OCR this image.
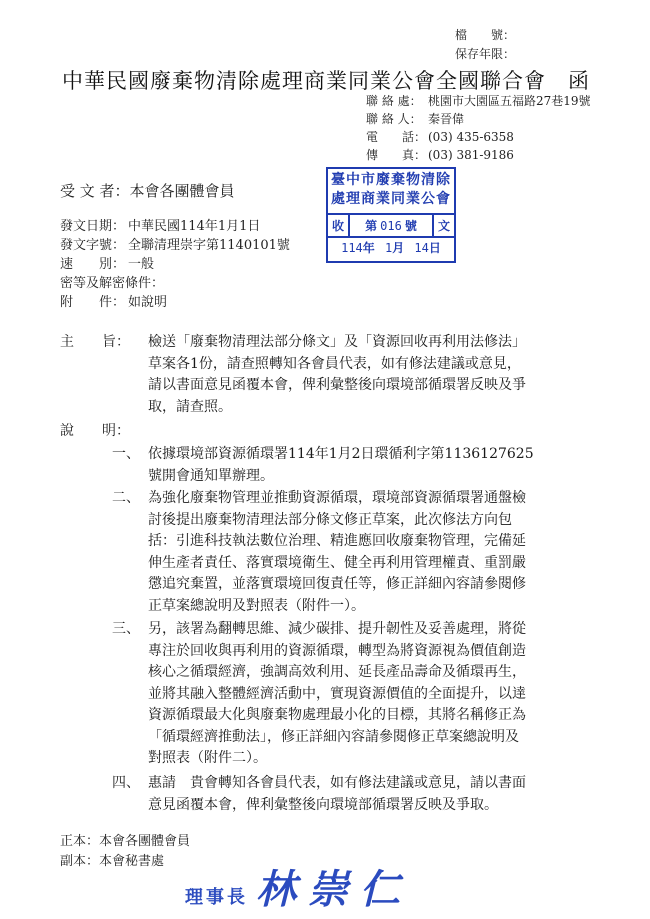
檔　　號：
保存年限：
中華民國廢棄物清除處理商業同業公會全國聯合會 函
聯 絡 處： 桃園市大園區五福路27巷19號
聯 絡 人： 秦晉偉
電　　話： (03) 435-6358
傳　　真： (03) 381-9186
受 文 者：本會各團體會員
臺中市廢棄物清除
處理商業同業公會
收	第 016 號	文
114年 1月 14日
發文日期： 中華民國114年1月1日
發文字號： 全聯清理崇字第1140101號
速　　別： 一般
密等及解密條件：
附　　件： 如說明
主　　旨： 檢送「廢棄物清理法部分條文」及「資源回收再利用法修法」
草案各1份，請查照轉知各會員代表，如有修法建議或意見，
請以書面意見函覆本會，俾利彙整後向環境部循環署反映及爭
取，請查照。
說　　明：
一、 依據環境部資源循環署114年1月2日環循利字第1136127625
號開會通知單辦理。
二、 為強化廢棄物管理並推動資源循環，環境部資源循環署通盤檢
討後提出廢棄物清理法部分條文修正草案，此次修法方向包
括：引進科技執法數位治理、精進應回收廢棄物管理，完備延
伸生產者責任、落實環境衛生、健全再利用管理權責、重罰嚴
懲追究棄置，並落實環境回復責任等，修正詳細內容請參閱修
正草案總說明及對照表（附件一）。
三、 另，該署為翻轉思維、減少碳排、提升韌性及妥善處理，將從
專注於回收與再利用的資源循環，轉型為將資源視為價值創造
核心之循環經濟，強調高效利用、延長產品壽命及循環再生，
並將其融入整體經濟活動中，實現資源價值的全面提升，以達
資源循環最大化與廢棄物處理最小化的目標，其將名稱修正為
「循環經濟推動法」，修正詳細內容請參閱修正草案總說明及
對照表（附件二）。
四、 惠請　貴會轉知各會員代表，如有修法建議或意見，請以書面
意見函覆本會，俾利彙整後向環境部循環署反映及爭取。
正本：本會各團體會員
副本：本會秘書處
理事長 林崇仁
